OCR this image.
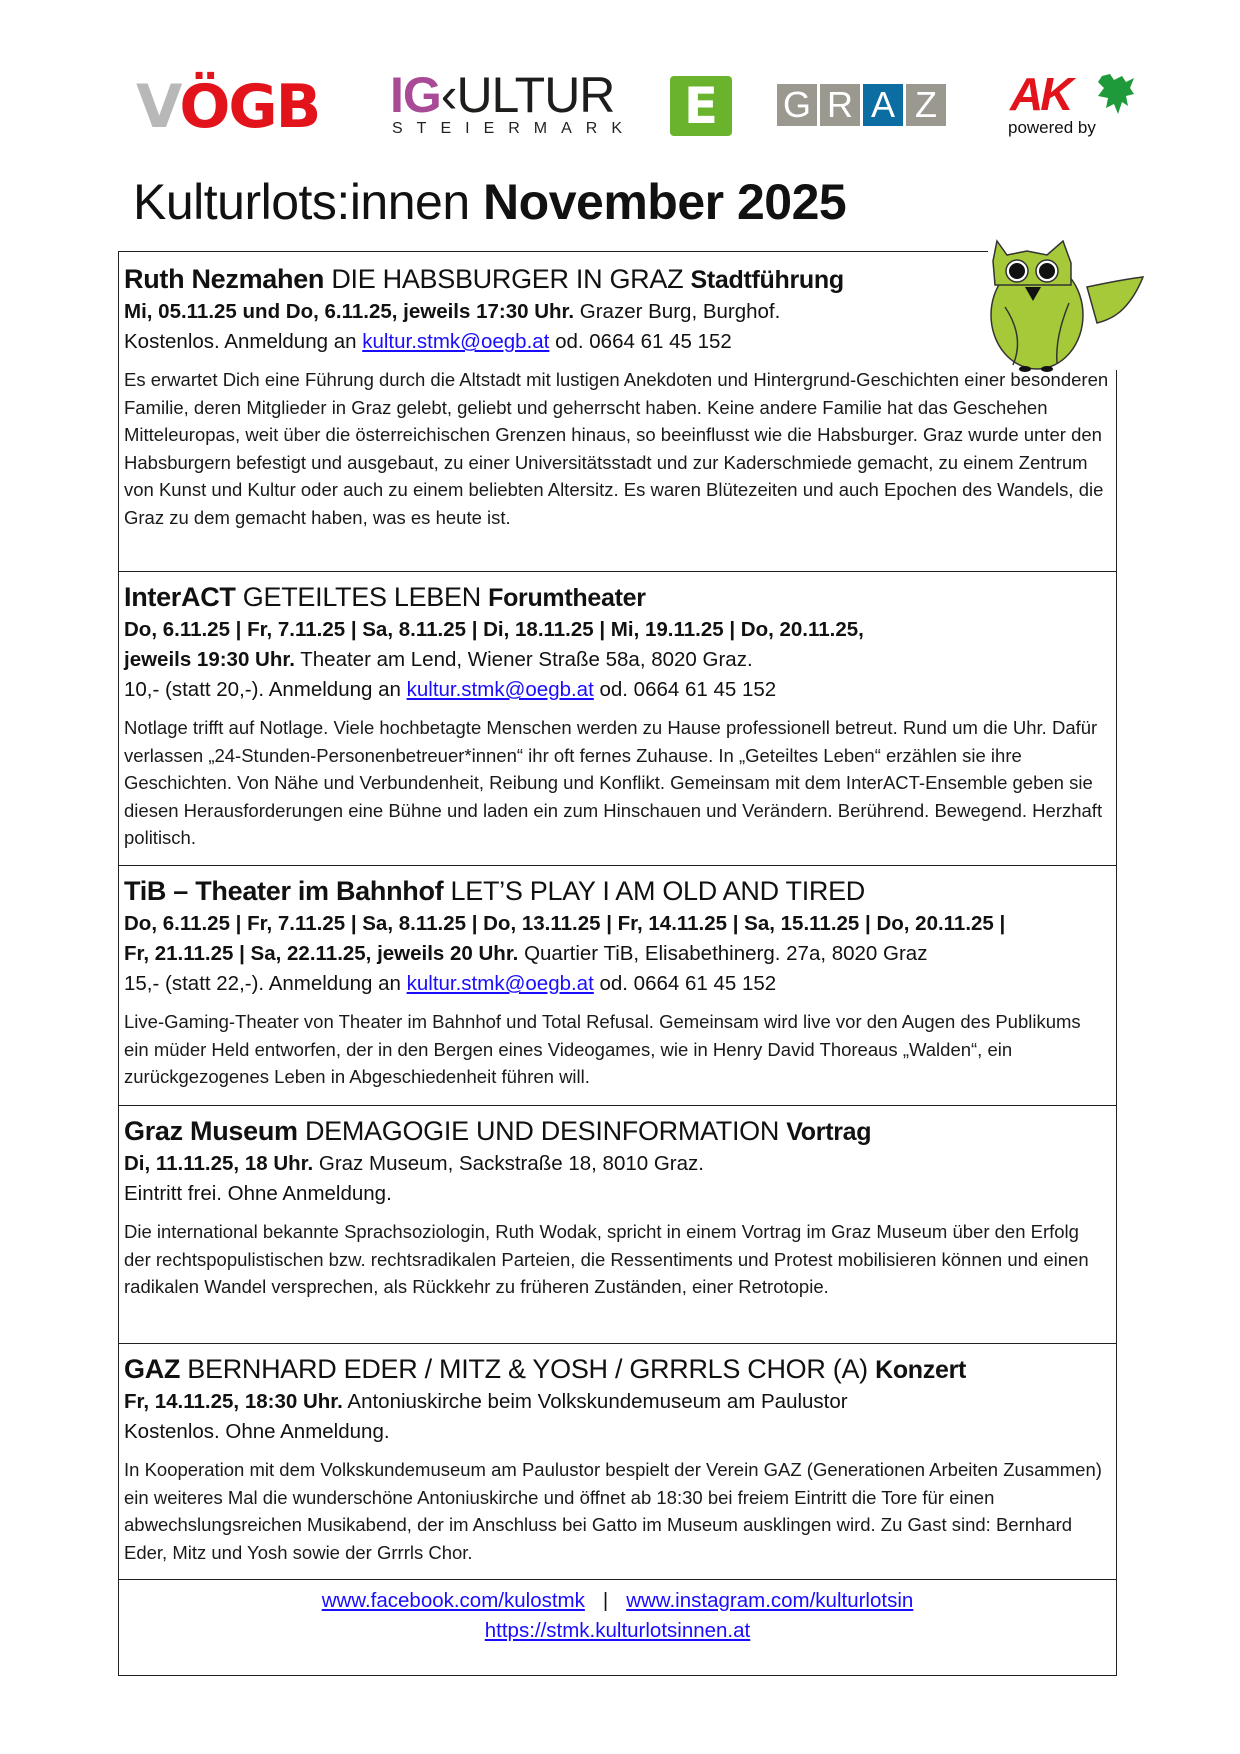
VÖGB IG‹ULTUR
STEIERMARK E	G R A Z AK
powered by
Kulturlots:innen November 2025
Ruth Nezmahen DIE HABSBURGER IN GRAZ Stadtführung
Mi, 05.11.25 und Do, 6.11.25, jeweils 17:30 Uhr. Grazer Burg, Burghof.
Kostenlos. Anmeldung an kultur.stmk@oegb.at od. 0664 61 45 152

Es erwartet Dich eine Führung durch die Altstadt mit lustigen Anekdoten und Hintergrund-Geschichten einer besonderen Familie, deren Mitglieder in Graz gelebt, geliebt und geherrscht haben. Keine andere Familie hat das Geschehen Mitteleuropas, weit über die österreichischen Grenzen hinaus, so beeinflusst wie die Habsburger. Graz wurde unter den Habsburgern befestigt und ausgebaut, zu einer Universitätsstadt und zur Kaderschmiede gemacht, zu einem Zentrum von Kunst und Kultur oder auch zu einem beliebten Altersitz. Es waren Blütezeiten und auch Epochen des Wandels, die Graz zu dem gemacht haben, was es heute ist.

InterACT GETEILTES LEBEN Forumtheater
Do, 6.11.25 | Fr, 7.11.25 | Sa, 8.11.25 | Di, 18.11.25 | Mi, 19.11.25 | Do, 20.11.25,
jeweils 19:30 Uhr. Theater am Lend, Wiener Straße 58a, 8020 Graz.
10,- (statt 20,-). Anmeldung an kultur.stmk@oegb.at od. 0664 61 45 152

Notlage trifft auf Notlage. Viele hochbetagte Menschen werden zu Hause professionell betreut. Rund um die Uhr. Dafür verlassen „24-Stunden-Personenbetreuer*innen“ ihr oft fernes Zuhause. In „Geteiltes Leben“ erzählen sie ihre Geschichten. Von Nähe und Verbundenheit, Reibung und Konflikt. Gemeinsam mit dem InterACT-Ensemble geben sie diesen Herausforderungen eine Bühne und laden ein zum Hinschauen und Verändern. Berührend. Bewegend. Herzhaft politisch.

TiB – Theater im Bahnhof LET’S PLAY I AM OLD AND TIRED
Do, 6.11.25 | Fr, 7.11.25 | Sa, 8.11.25 | Do, 13.11.25 | Fr, 14.11.25 | Sa, 15.11.25 | Do, 20.11.25 |
Fr, 21.11.25 | Sa, 22.11.25, jeweils 20 Uhr. Quartier TiB, Elisabethinerg. 27a, 8020 Graz
15,- (statt 22,-). Anmeldung an kultur.stmk@oegb.at od. 0664 61 45 152

Live-Gaming-Theater von Theater im Bahnhof und Total Refusal. Gemeinsam wird live vor den Augen des Publikums ein müder Held entworfen, der in den Bergen eines Videogames, wie in Henry David Thoreaus „Walden“, ein zurückgezogenes Leben in Abgeschiedenheit führen will.

Graz Museum DEMAGOGIE UND DESINFORMATION Vortrag
Di, 11.11.25, 18 Uhr. Graz Museum, Sackstraße 18, 8010 Graz.
Eintritt frei. Ohne Anmeldung.

Die international bekannte Sprachsoziologin, Ruth Wodak, spricht in einem Vortrag im Graz Museum über den Erfolg der rechtspopulistischen bzw. rechtsradikalen Parteien, die Ressentiments und Protest mobilisieren können und einen radikalen Wandel versprechen, als Rückkehr zu früheren Zuständen, einer Retrotopie.

GAZ BERNHARD EDER / MITZ & YOSH / GRRRLS CHOR (A) Konzert
Fr, 14.11.25, 18:30 Uhr. Antoniuskirche beim Volkskundemuseum am Paulustor
Kostenlos. Ohne Anmeldung.

In Kooperation mit dem Volkskundemuseum am Paulustor bespielt der Verein GAZ (Generationen Arbeiten Zusammen) ein weiteres Mal die wunderschöne Antoniuskirche und öffnet ab 18:30 bei freiem Eintritt die Tore für einen abwechslungsreichen Musikabend, der im Anschluss bei Gatto im Museum ausklingen wird. Zu Gast sind: Bernhard Eder, Mitz und Yosh sowie der Grrrls Chor.

www.facebook.com/kulostmk | www.instagram.com/kulturlotsin
https://stmk.kulturlotsinnen.at
